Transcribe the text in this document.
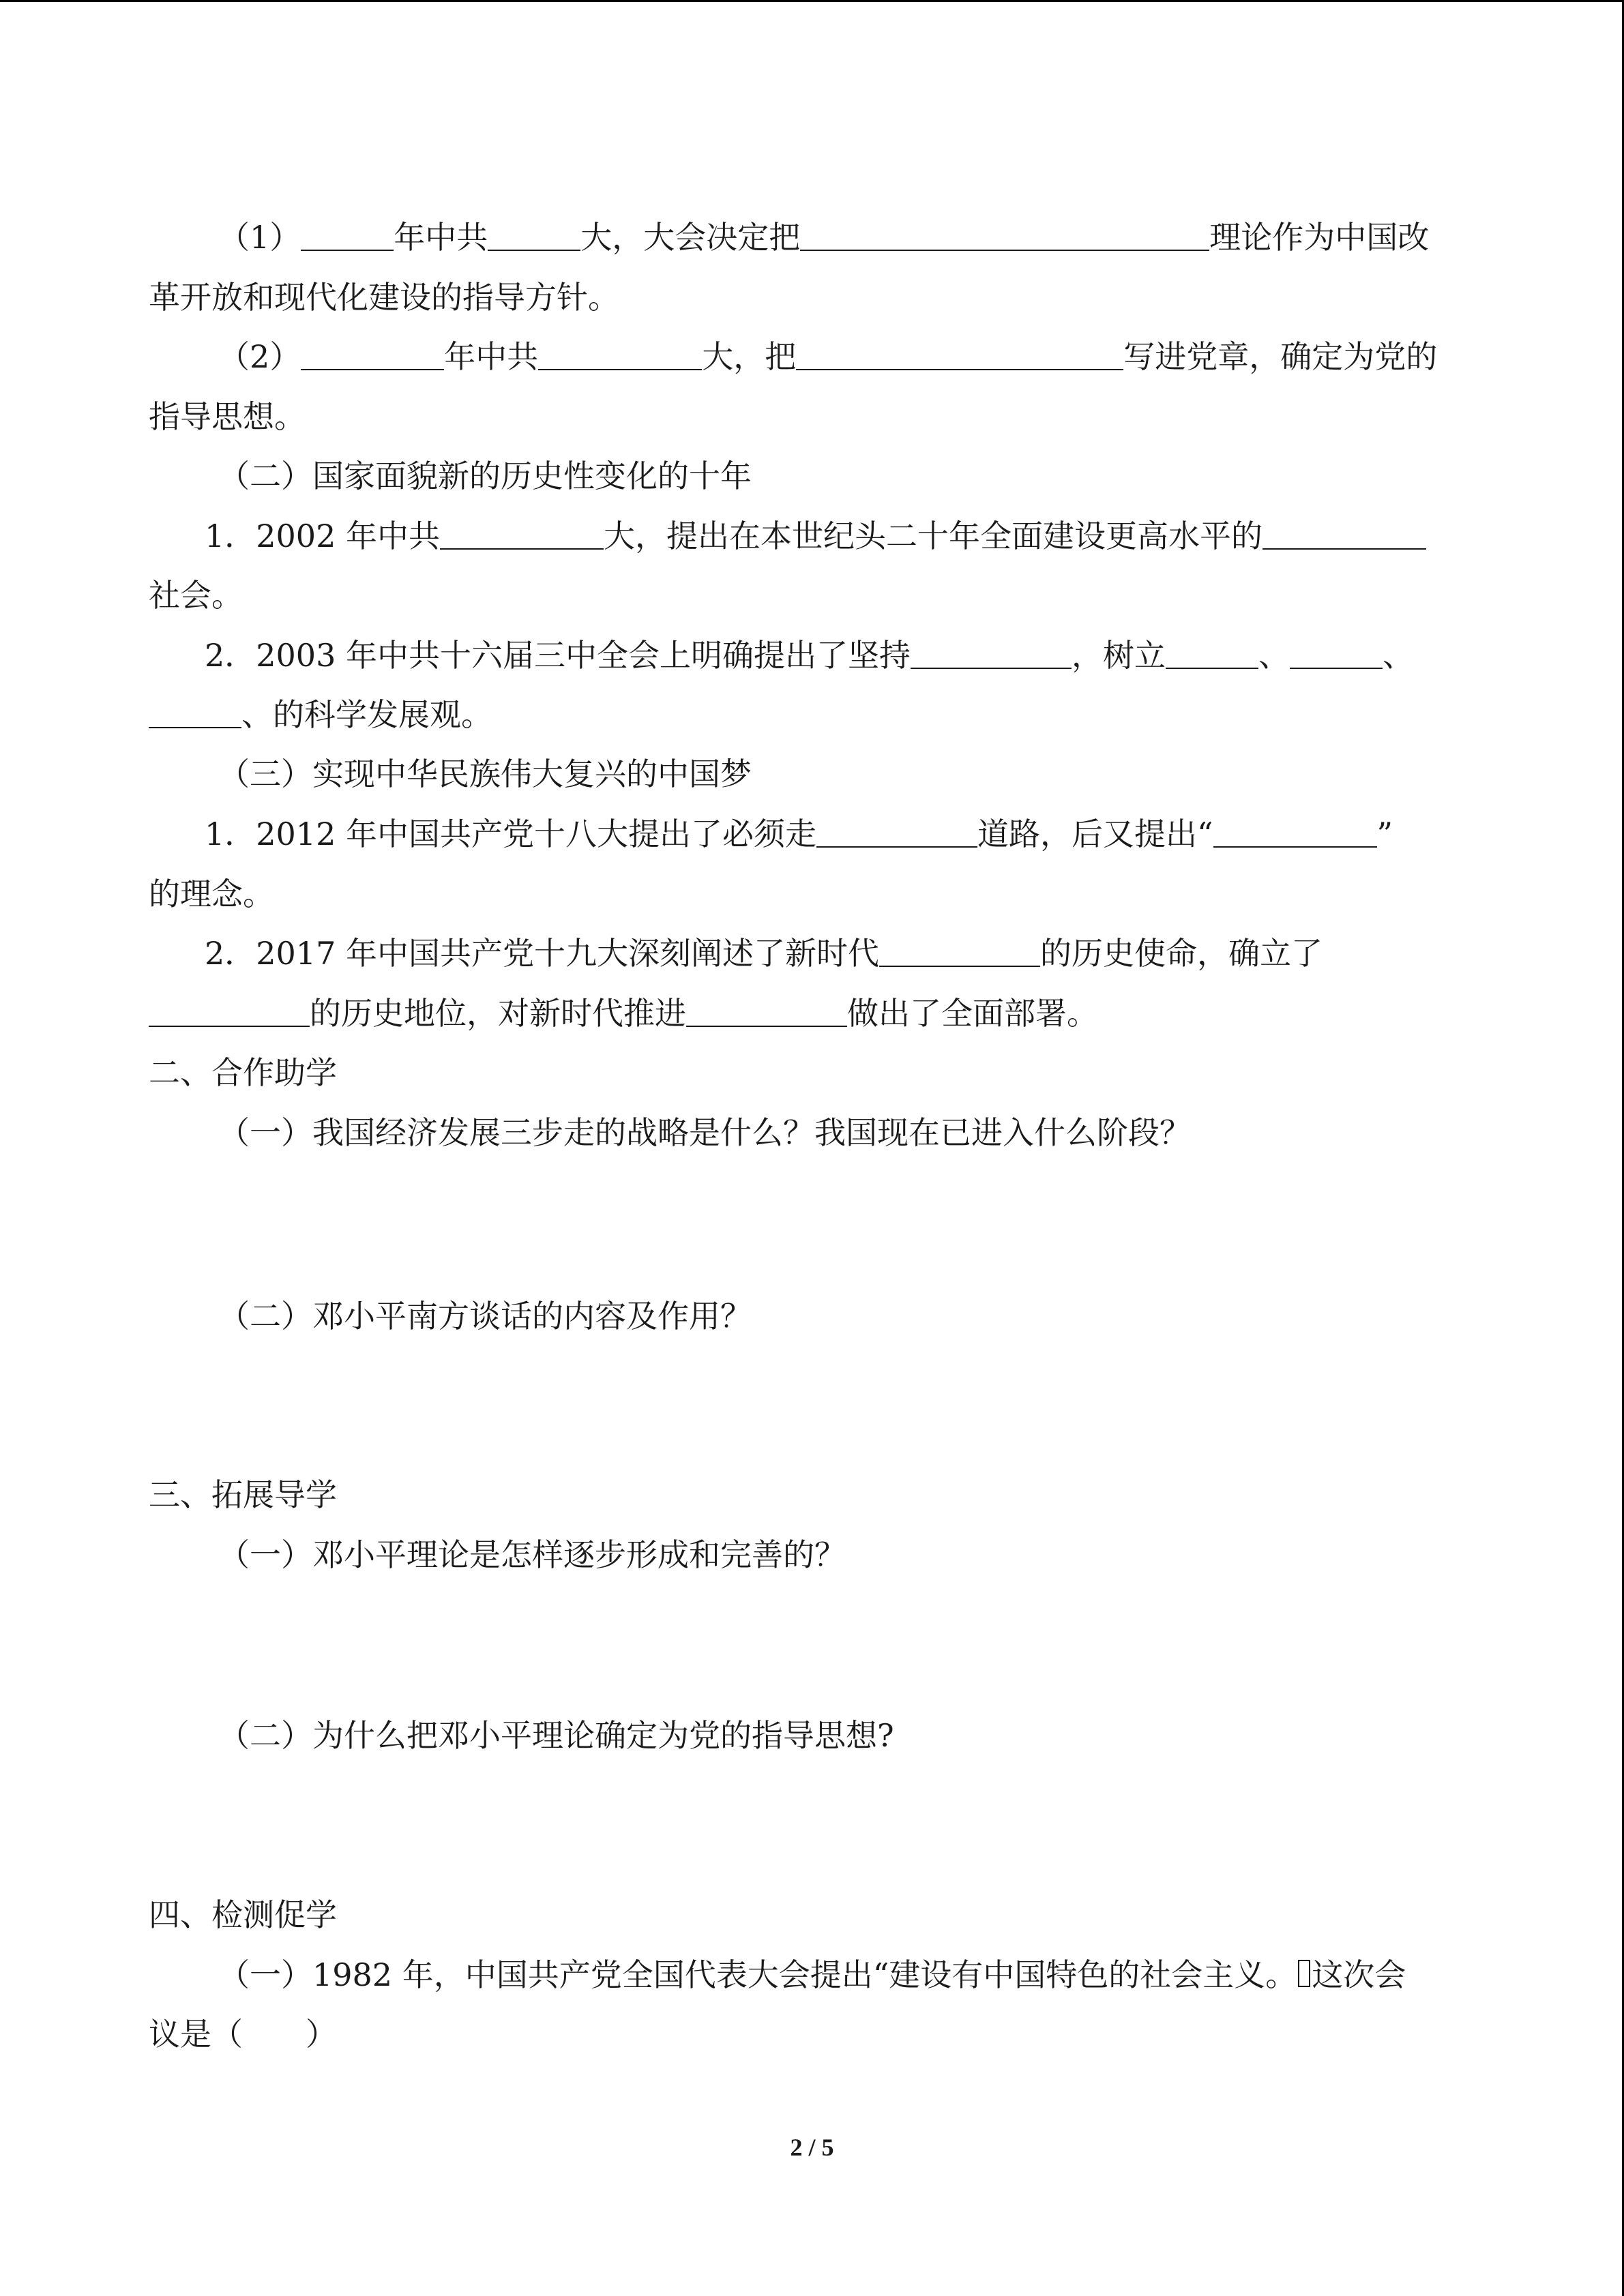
（1）	年中共	大，大会决定把	理论作为中国改
革开放和现代化建设的指导方针。
（2）	年中共	大，把	写进党章，确定为党的
指导思想。
（二）国家面貌新的历史性变化的十年
1．2002 年中共	大，提出在本世纪头二十年全面建设更高水平的
社会。
2．2003 年中共十六届三中全会上明确提出了坚持	，树立	、	、
、的科学发展观。
（三）实现中华民族伟大复兴的中国梦
1．2012 年中国共产党十八大提出了必须走	道路，后又提出“	”
的理念。
2．2017 年中国共产党十九大深刻阐述了新时代	的历史使命，确立了
的历史地位，对新时代推进	做出了全面部署。
二、合作助学
（一）我国经济发展三步走的战略是什么？我国现在已进入什么阶段？
（二）邓小平南方谈话的内容及作用？
三、拓展导学
（一）邓小平理论是怎样逐步形成和完善的？
（二）为什么把邓小平理论确定为党的指导思想?
四、检测促学
（一）1982 年，中国共产党全国代表大会提出“建设有中国特色的社会主义。 这次会
议是（　　）
2 / 5
